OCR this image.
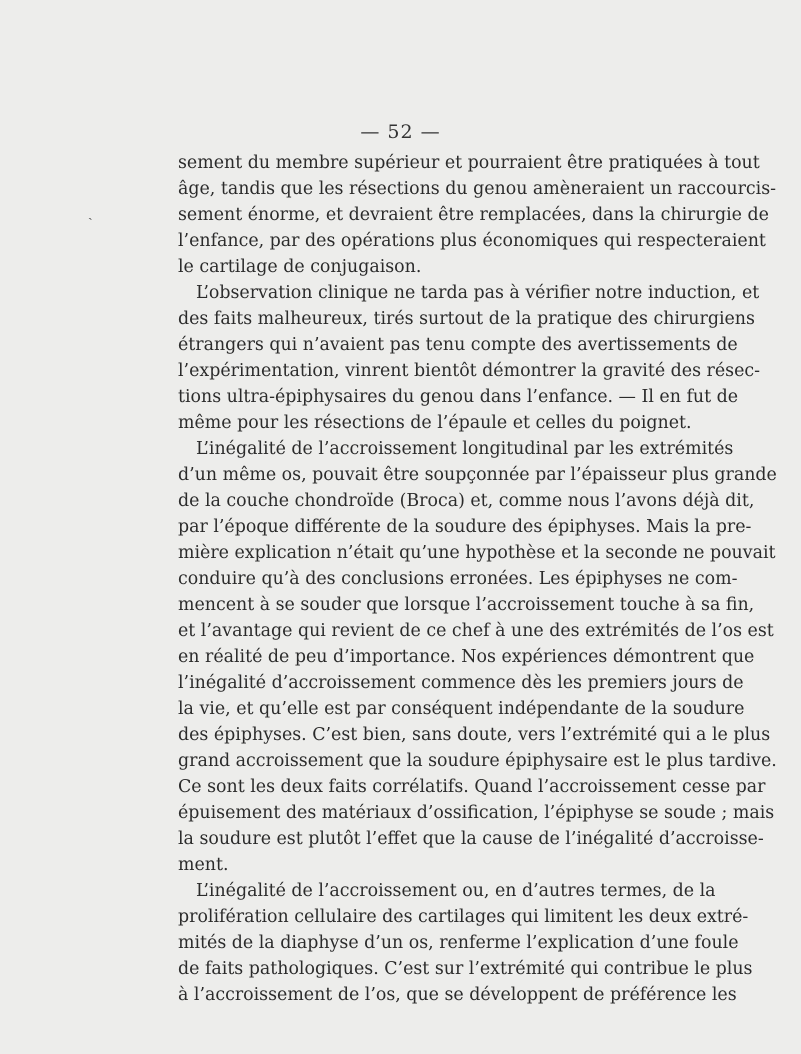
— 52 —
ˎ
sement du membre supérieur et pourraient être pratiquées à tout
âge, tandis que les résections du genou amèneraient un raccourcis-
sement énorme, et devraient être remplacées, dans la chirurgie de
l’enfance, par des opérations plus économiques qui respecteraient
le cartilage de conjugaison.
L’observation clinique ne tarda pas à vérifier notre induction, et
des faits malheureux, tirés surtout de la pratique des chirurgiens
étrangers qui n’avaient pas tenu compte des avertissements de
l’expérimentation, vinrent bientôt démontrer la gravité des résec-
tions ultra-épiphysaires du genou dans l’enfance. — Il en fut de
même pour les résections de l’épaule et celles du poignet.
L’inégalité de l’accroissement longitudinal par les extrémités
d’un même os, pouvait être soupçonnée par l’épaisseur plus grande
de la couche chondroïde (Broca) et, comme nous l’avons déjà dit,
par l’époque différente de la soudure des épiphyses. Mais la pre-
mière explication n’était qu’une hypothèse et la seconde ne pouvait
conduire qu’à des conclusions erronées. Les épiphyses ne com-
mencent à se souder que lorsque l’accroissement touche à sa fin,
et l’avantage qui revient de ce chef à une des extrémités de l’os est
en réalité de peu d’importance. Nos expériences démontrent que
l’inégalité d’accroissement commence dès les premiers jours de
la vie, et qu’elle est par conséquent indépendante de la soudure
des épiphyses. C’est bien, sans doute, vers l’extrémité qui a le plus
grand accroissement que la soudure épiphysaire est le plus tardive.
Ce sont les deux faits corrélatifs. Quand l’accroissement cesse par
épuisement des matériaux d’ossification, l’épiphyse se soude ; mais
la soudure est plutôt l’effet que la cause de l’inégalité d’accroisse-
ment.
L’inégalité de l’accroissement ou, en d’autres termes, de la
prolifération cellulaire des cartilages qui limitent les deux extré-
mités de la diaphyse d’un os, renferme l’explication d’une foule
de faits pathologiques. C’est sur l’extrémité qui contribue le plus
à l’accroissement de l’os, que se développent de préférence les
